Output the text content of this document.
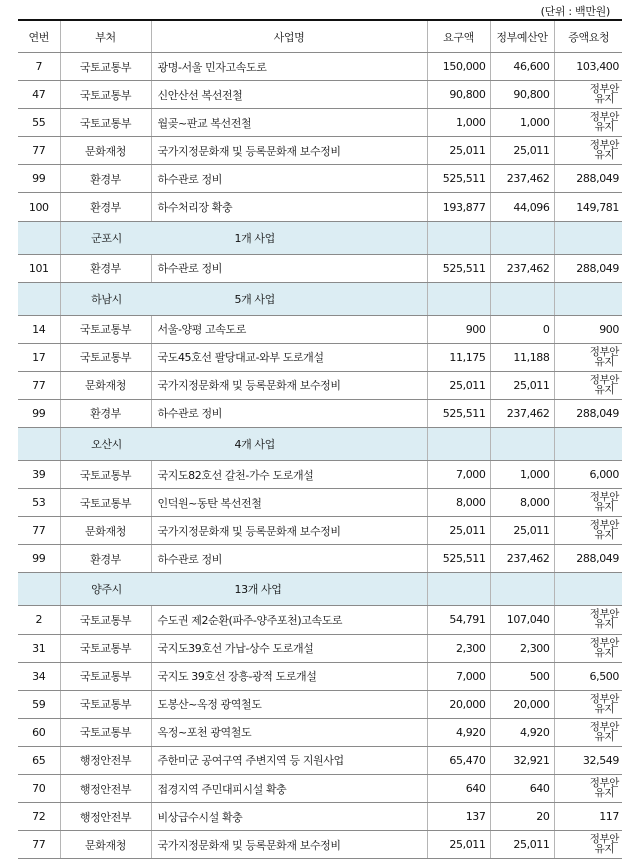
(단위 : 백만원)
연번	부처	사업명	요구액	정부예산안	증액요청
7	국토교통부	광명-서울 민자고속도로	150,000	46,600	103,400
47	국토교통부	신안산선 복선전철	90,800	90,800	정부안
유지
55	국토교통부	월곶~판교 복선전철	1,000	1,000	정부안
유지
77	문화재청	국가지정문화재 및 등록문화재 보수정비	25,011	25,011	정부안
유지
99	환경부	하수관로 정비	525,511	237,462	288,049
100	환경부	하수처리장 확충	193,877	44,096	149,781
	군포시 1개 사업				
101	환경부	하수관로 정비	525,511	237,462	288,049
	하남시 5개 사업				
14	국토교통부	서울-양평 고속도로	900	0	900
17	국토교통부	국도45호선 팔당대교-와부 도로개설	11,175	11,188	정부안
유지
77	문화재청	국가지정문화재 및 등록문화재 보수정비	25,011	25,011	정부안
유지
99	환경부	하수관로 정비	525,511	237,462	288,049
	오산시 4개 사업				
39	국토교통부	국지도82호선 갈천-가수 도로개설	7,000	1,000	6,000
53	국토교통부	인덕원~동탄 복선전철	8,000	8,000	정부안
유지
77	문화재청	국가지정문화재 및 등록문화재 보수정비	25,011	25,011	정부안
유지
99	환경부	하수관로 정비	525,511	237,462	288,049
	양주시 13개 사업				
2	국토교통부	수도권 제2순환(파주-양주포천)고속도로	54,791	107,040	정부안
유지
31	국토교통부	국지도39호선 가납-상수 도로개설	2,300	2,300	정부안
유지
34	국토교통부	국지도 39호선 장흥-광적 도로개설	7,000	500	6,500
59	국토교통부	도봉산~옥정 광역철도	20,000	20,000	정부안
유지
60	국토교통부	옥정~포천 광역철도	4,920	4,920	정부안
유지
65	행정안전부	주한미군 공여구역 주변지역 등 지원사업	65,470	32,921	32,549
70	행정안전부	접경지역 주민대피시설 확충	640	640	정부안
유지
72	행정안전부	비상급수시설 확충	137	20	117
77	문화재청	국가지정문화재 및 등록문화재 보수정비	25,011	25,011	정부안
유지
